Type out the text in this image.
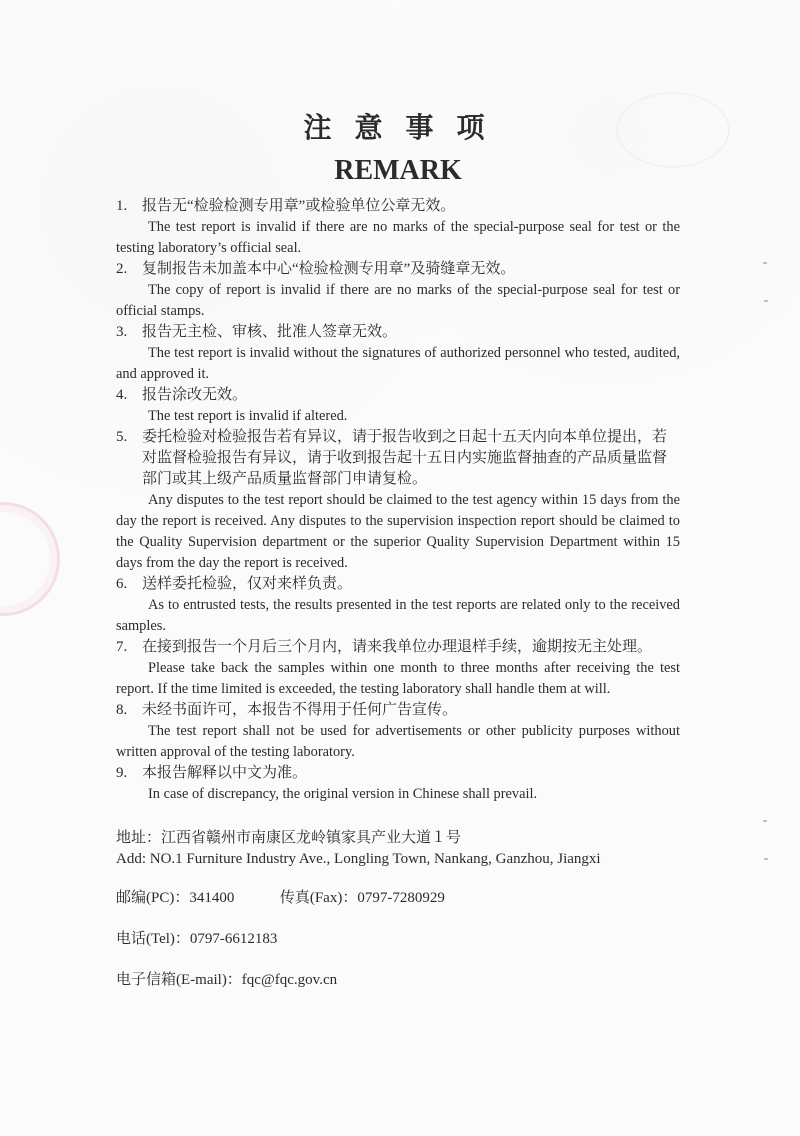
注 意 事 项
REMARK

1. 报告无“检验检测专用章”或检验单位公章无效。

The test report is invalid if there are no marks of the special-purpose seal for test or the testing laboratory’s official seal.

2. 复制报告未加盖本中心“检验检测专用章”及骑缝章无效。

The copy of report is invalid if there are no marks of the special-purpose seal for test or official stamps.

3. 报告无主检、审核、批准人签章无效。

The test report is invalid without the signatures of authorized personnel who tested, audited, and approved it.

4. 报告涂改无效。

The test report is invalid if altered.

5. 委托检验对检验报告若有异议，请于报告收到之日起十五天内向本单位提出，若对监督检验报告有异议，请于收到报告起十五日内实施监督抽查的产品质量监督部门或其上级产品质量监督部门申请复检。

Any disputes to the test report should be claimed to the test agency within 15 days from the day the report is received. Any disputes to the supervision inspection report should be claimed to the Quality Supervision department or the superior Quality Supervision Department within 15 days from the day the report is received.

6. 送样委托检验，仅对来样负责。

As to entrusted tests, the results presented in the test reports are related only to the received samples.

7. 在接到报告一个月后三个月内，请来我单位办理退样手续，逾期按无主处理。

Please take back the samples within one month to three months after receiving the test report. If the time limited is exceeded, the testing laboratory shall handle them at will.

8. 未经书面许可，本报告不得用于任何广告宣传。

The test report shall not be used for advertisements or other publicity purposes without written approval of the testing laboratory.

9. 本报告解释以中文为准。

In case of discrepancy, the original version in Chinese shall prevail.

地址：江西省赣州市南康区龙岭镇家具产业大道１号

Add: NO.1 Furniture Industry Ave., Longling Town, Nankang, Ganzhou, Jiangxi

邮编(PC)：341400	传真(Fax)：0797-7280929
电话(Tel)：0797-6612183
电子信箱(E-mail)：fqc@fqc.gov.cn
